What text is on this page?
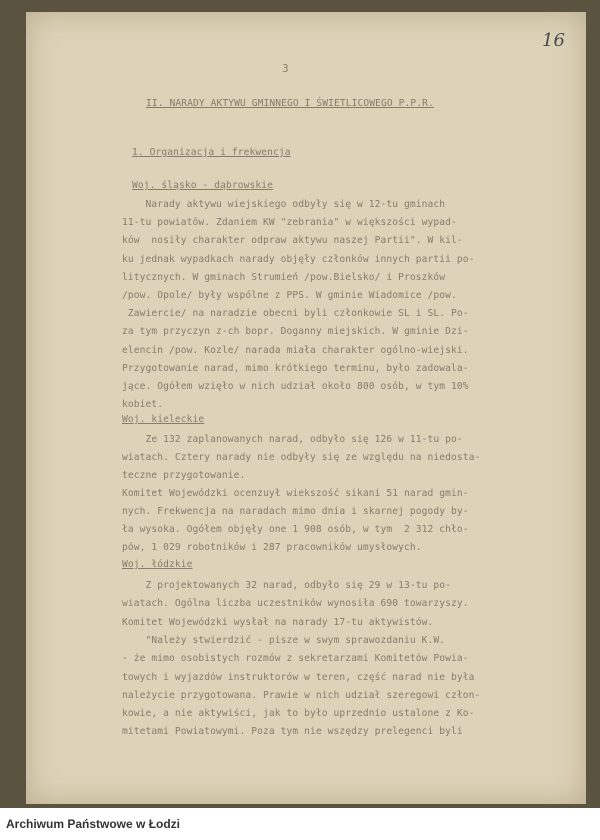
16
3
II. NARADY AKTYWU GMINNEGO I ŚWIETLICOWEGO P.P.R.
1. Organizacja i frekwencja
Woj. śląsko - dąbrowskie
Narady aktywu wiejskiego odbyły się w 12-tu gminach
11-tu powiatów. Zdaniem KW "zebrania" w większości wypad-
ków  nosiły charakter odpraw aktywu naszej Partii". W kil-
ku jednak wypadkach narady objęły członków innych partii po-
litycznych. W gminach Strumień /pow.Bielsko/ i Proszków
/pow. Opole/ były wspólne z PPS. W gminie Wiadomice /pow.
Zawiercie/ na naradzie obecni byli członkowie SL i SL. Po-
za tym przyczyn z-ch bopr. Doganny miejskich. W gminie Dzi-
elencin /pow. Kozle/ narada miała charakter ogólno-wiejski.
Przygotowanie narad, mimo krótkiego terminu, było zadowala-
jące. Ogółem wzięło w nich udział około 800 osób, w tym 10%
kobiet.
Woj. kieleckie
Ze 132 zaplanowanych narad, odbyło się 126 w 11-tu po-
wiatach. Cztery narady nie odbyły się ze względu na niedosta-
teczne przygotowanie.
Komitet Wojewódzki ocenzuył wiekszość sikani 51 narad gmin-
nych. Frekwencja na naradach mimo dnia i skarnej pogody by-
ła wysoka. Ogółem objęły one 1 908 osób, w tym  2 312 chło-
pów, 1 029 robotników i 287 pracowników umysłowych.
Woj. łódzkie
Z projektowanych 32 narad, odbyło się 29 w 13-tu po-
wiatach. Ogólna liczba uczestników wynosiła 690 towarzyszy.
Komitet Wojewódzki wysłał na narady 17-tu aktywistów.
"Należy stwierdzić - pisze w swym sprawozdaniu K.W.
- że mimo osobistych rozmów z sekretarzami Komitetów Powia-
towych i wyjazdów instruktorów w teren, część narad nie była
należycie przygotowana. Prawie w nich udział szeregowi człon-
kowie, a nie aktywiści, jak to było uprzednio ustalone z Ko-
mitetami Powiatowymi. Poza tym nie wszędzy prelegenci byli
Archiwum Państwowe w Łodzi
